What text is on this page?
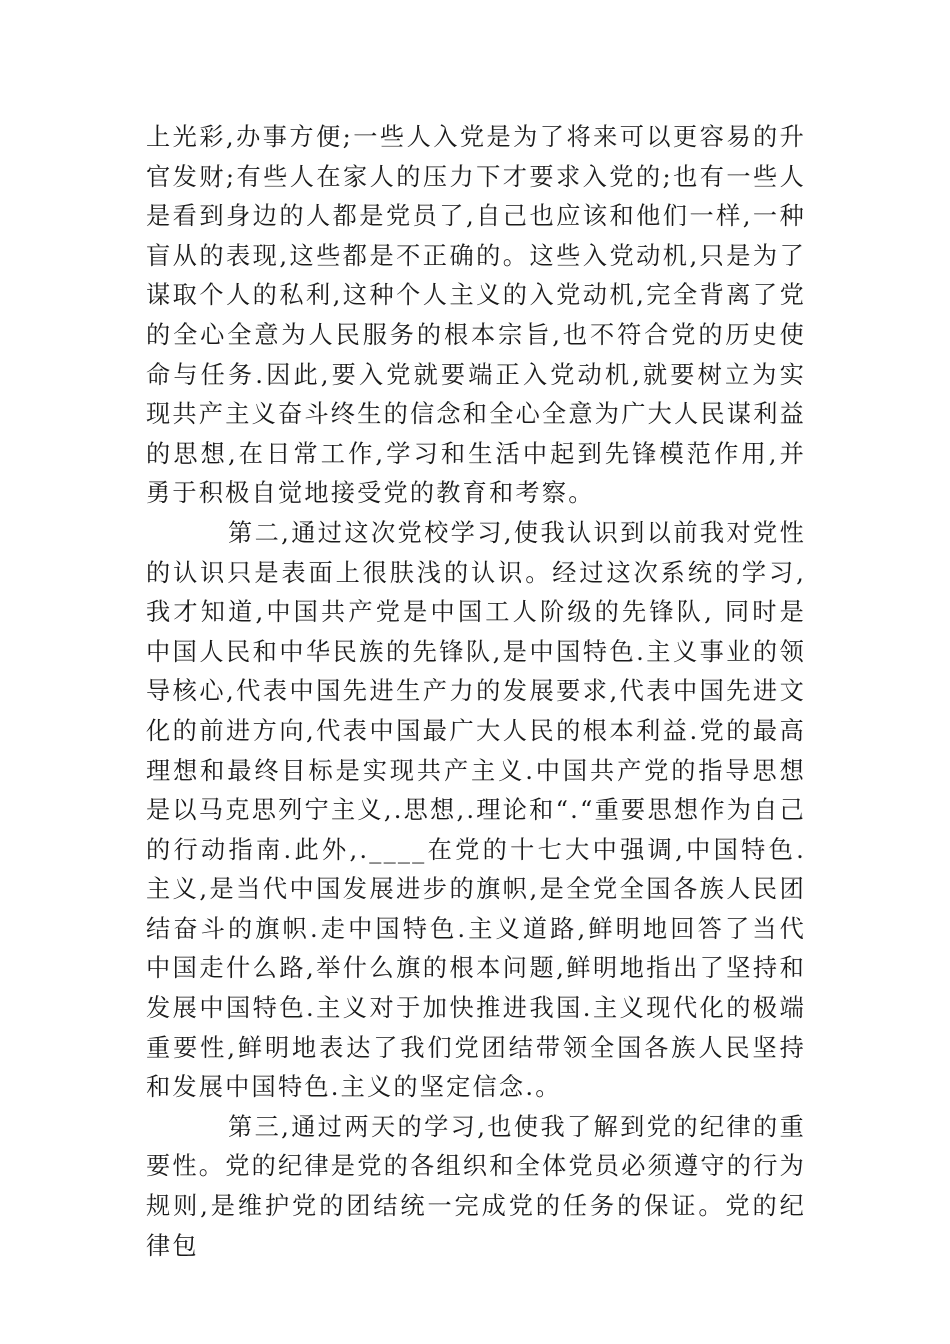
上光彩,办事方便;一些人入党是为了将来可以更容易的升官发财;有些人在家人的压力下才要求入党的;也有一些人是看到身边的人都是党员了,自己也应该和他们一样,一种盲从的表现,这些都是不正确的。这些入党动机,只是为了谋取个人的私利,这种个人主义的入党动机,完全背离了党的全心全意为人民服务的根本宗旨,也不符合党的历史使命与任务.因此,要入党就要端正入党动机,就要树立为实现共产主义奋斗终生的信念和全心全意为广大人民谋利益的思想,在日常工作,学习和生活中起到先锋模范作用,并勇于积极自觉地接受党的教育和考察。

第二,通过这次党校学习,使我认识到以前我对党性的认识只是表面上很肤浅的认识。经过这次系统的学习,我才知道,中国共产党是中国工人阶级的先锋队, 同时是中国人民和中华民族的先锋队,是中国特色.主义事业的领导核心,代表中国先进生产力的发展要求,代表中国先进文化的前进方向,代表中国最广大人民的根本利益.党的最高理想和最终目标是实现共产主义.中国共产党的指导思想是以马克思列宁主义,.思想,.理论和“.“重要思想作为自己的行动指南.此外,.____在党的十七大中强调,中国特色.主义,是当代中国发展进步的旗帜,是全党全国各族人民团结奋斗的旗帜.走中国特色.主义道路,鲜明地回答了当代中国走什么路,举什么旗的根本问题,鲜明地指出了坚持和发展中国特色.主义对于加快推进我国.主义现代化的极端重要性,鲜明地表达了我们党团结带领全国各族人民坚持和发展中国特色.主义的坚定信念.。

第三,通过两天的学习,也使我了解到党的纪律的重要性。党的纪律是党的各组织和全体党员必须遵守的行为规则,是维护党的团结统一完成党的任务的保证。党的纪律包
